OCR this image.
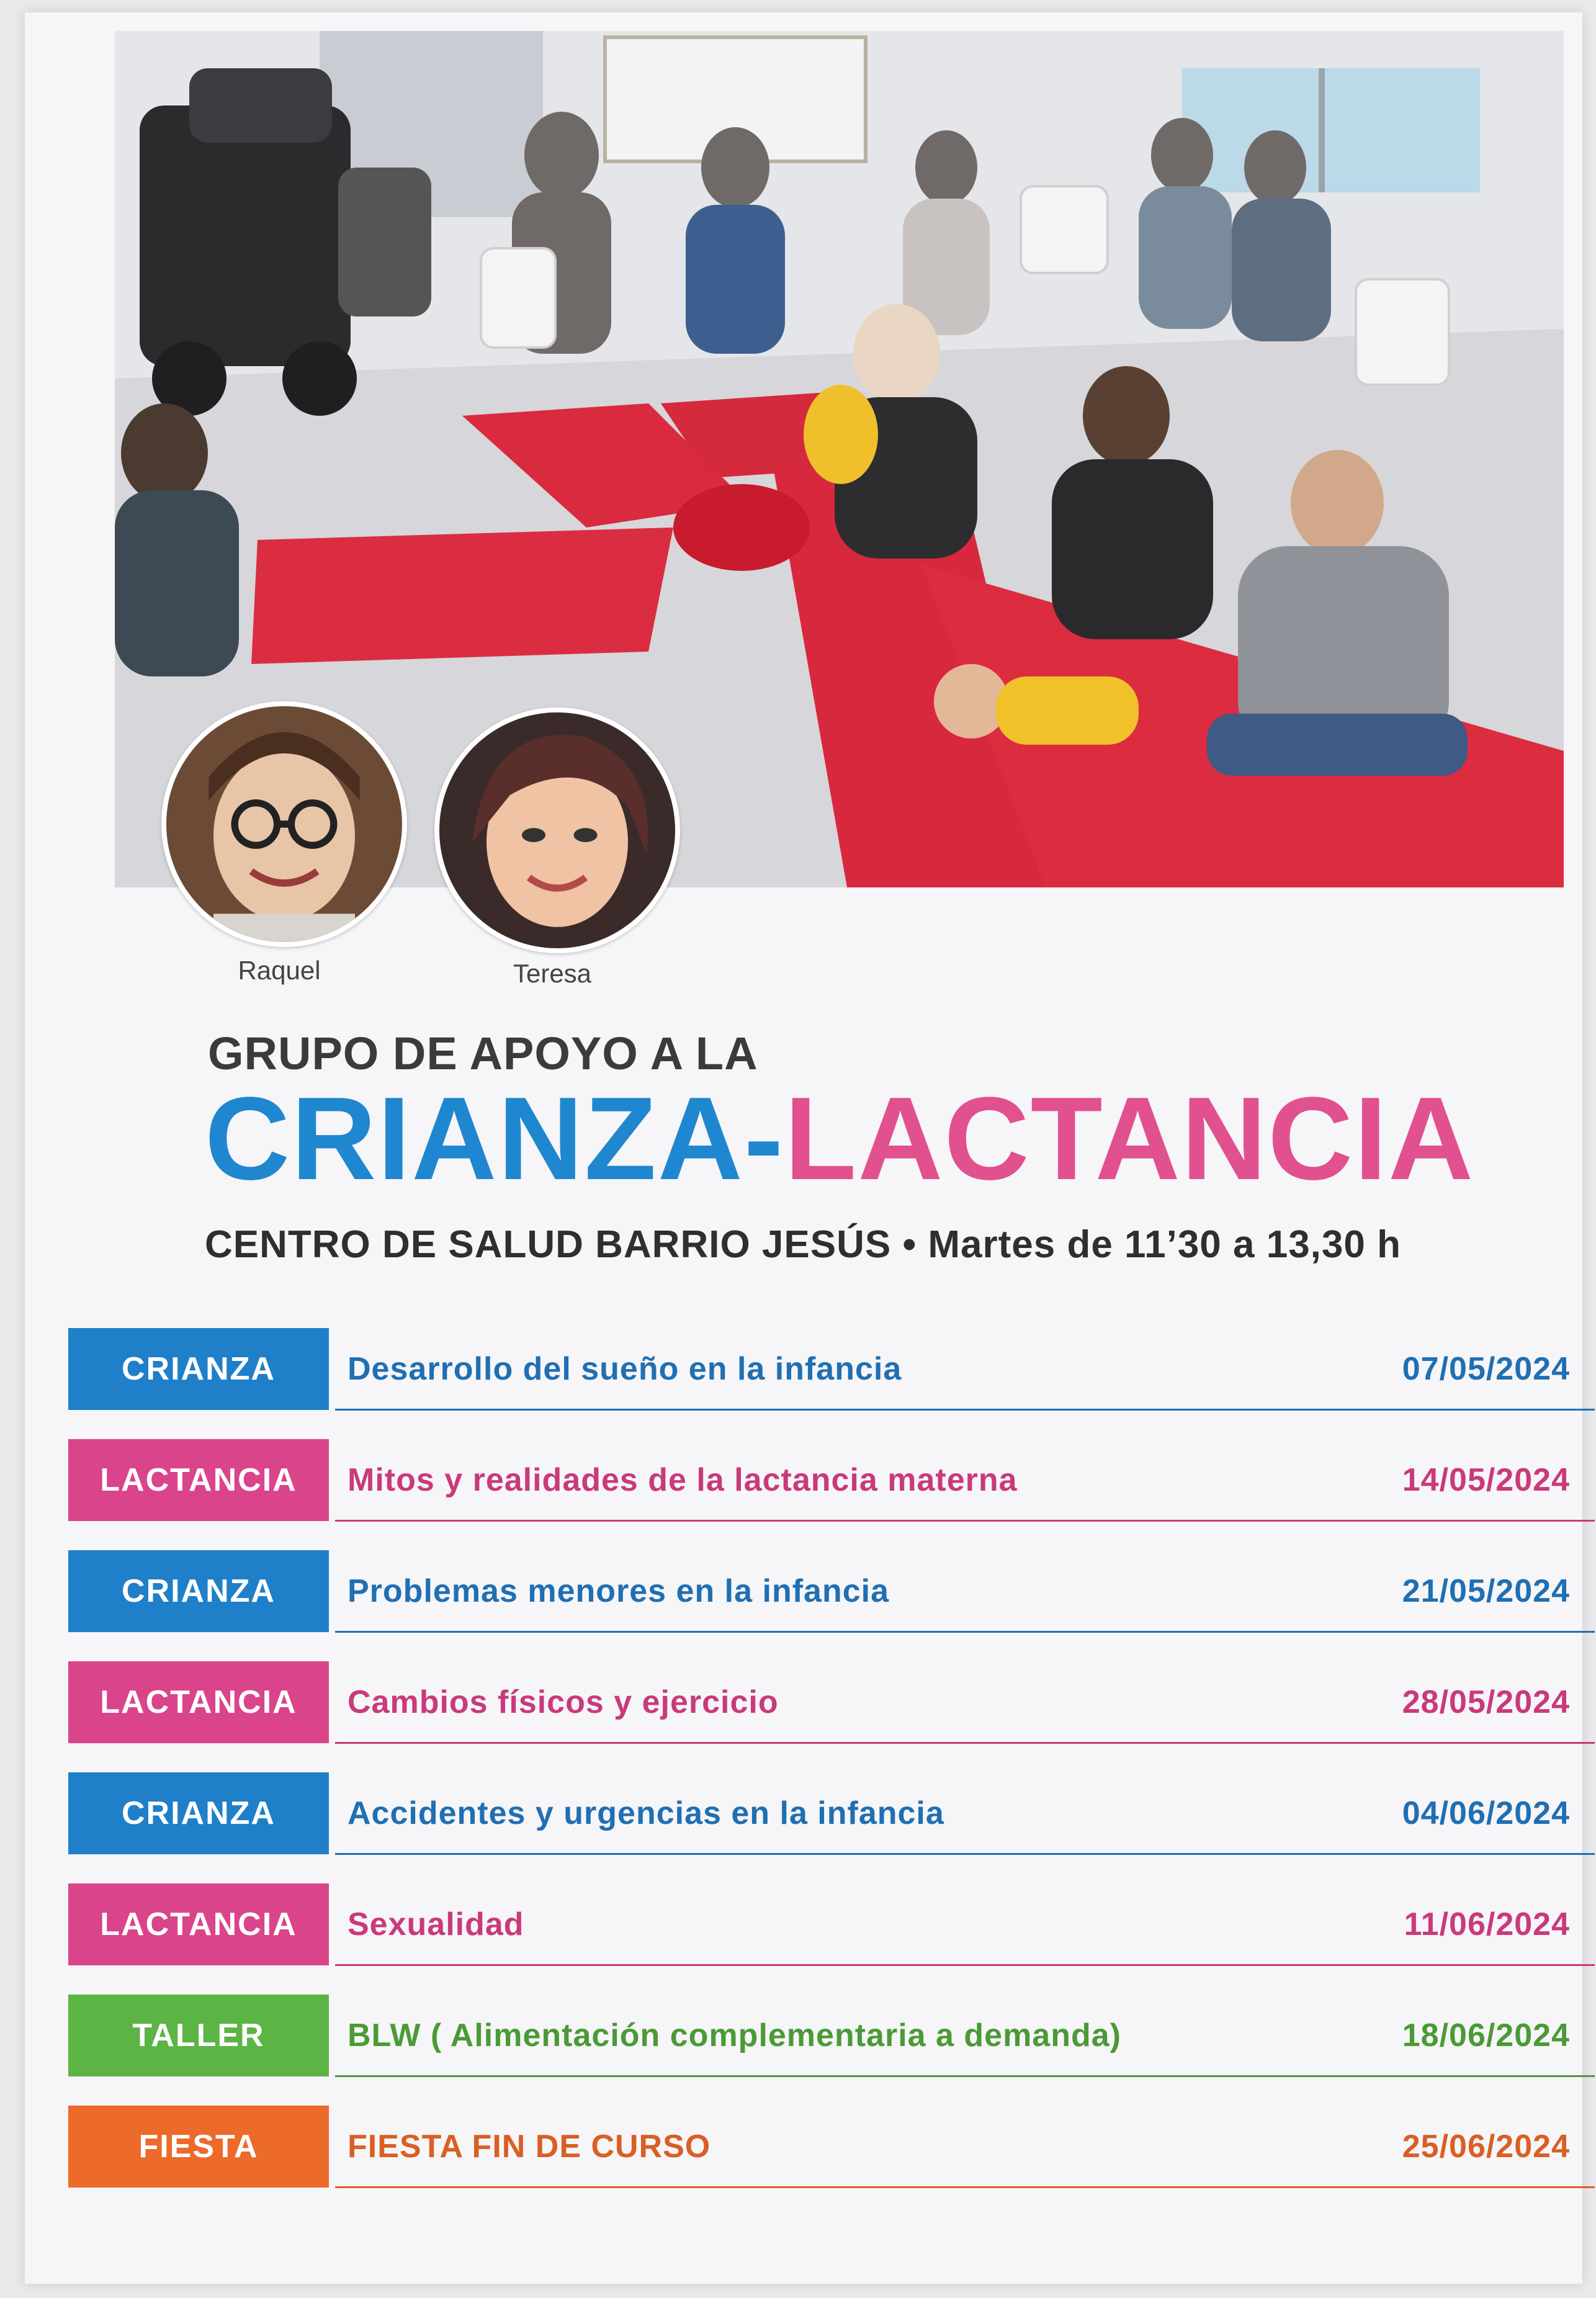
Raquel	Teresa
GRUPO DE APOYO A LA
CRIANZA-LACTANCIA
CENTRO DE SALUD BARRIO JESÚS • Martes de 11’30 a 13,30 h
CRIANZA	Desarrollo del sueño en la infancia	07/05/2024
LACTANCIA	Mitos y realidades de la lactancia materna	14/05/2024
CRIANZA	Problemas menores en la infancia	21/05/2024
LACTANCIA	Cambios físicos y ejercicio	28/05/2024
CRIANZA	Accidentes y urgencias en la infancia	04/06/2024
LACTANCIA	Sexualidad	11/06/2024
TALLER	BLW ( Alimentación complementaria a demanda)	18/06/2024
FIESTA	FIESTA FIN DE CURSO	25/06/2024
